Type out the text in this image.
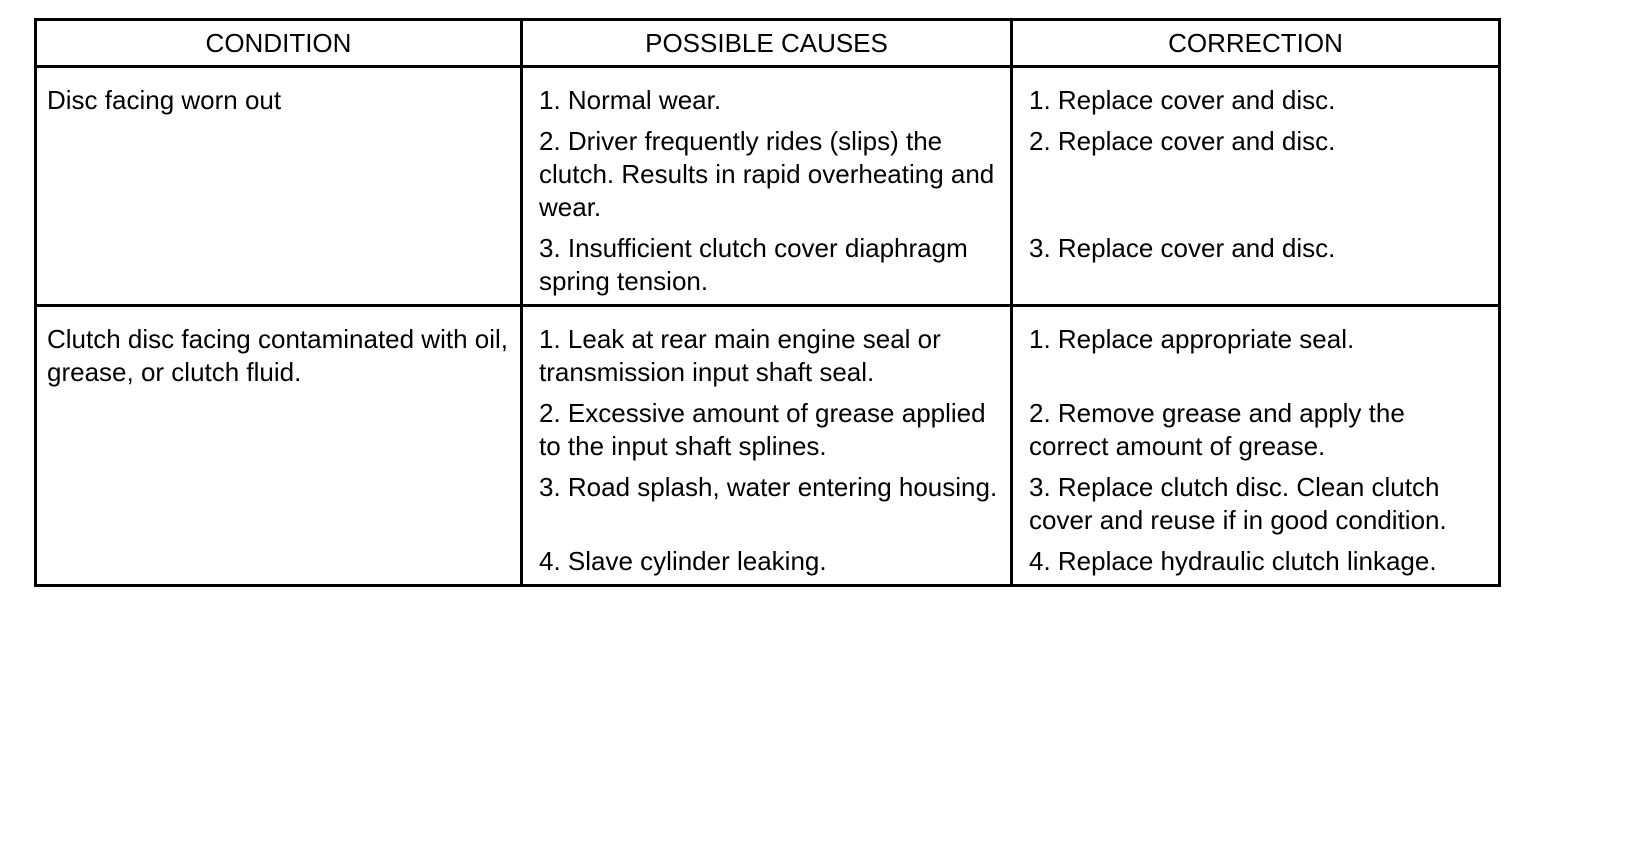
CONDITION	POSSIBLE CAUSES	CORRECTION

Disc facing worn out	1. Normal wear.	1. Replace cover and disc.

	2. Driver frequently rides (slips) the clutch. Results in rapid overheating and wear.	2. Replace cover and disc.

	3. Insufficient clutch cover diaphragm spring tension.	3. Replace cover and disc.

Clutch disc facing contaminated with oil, grease, or clutch fluid.	1. Leak at rear main engine seal or transmission input shaft seal.	1. Replace appropriate seal.

	2. Excessive amount of grease applied to the input shaft splines.	2. Remove grease and apply the correct amount of grease.

	3. Road splash, water entering housing.	3. Replace clutch disc. Clean clutch cover and reuse if in good condition.

	4. Slave cylinder leaking.	4. Replace hydraulic clutch linkage.
